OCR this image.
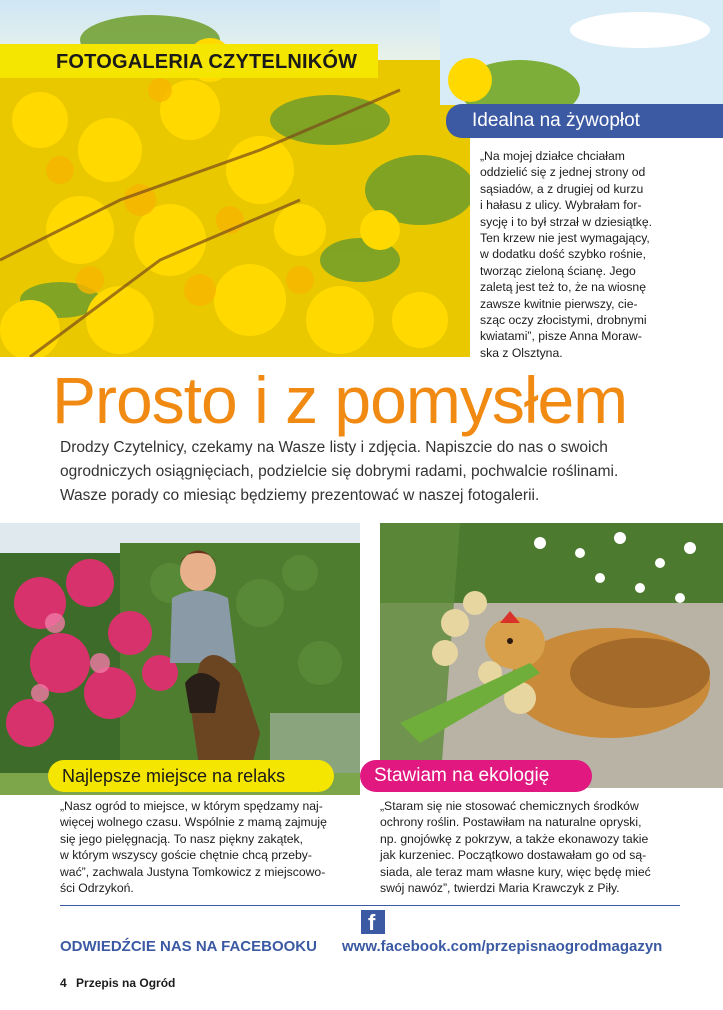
FOTOGALERIA CZYTELNIKÓW
Idealna na żywopłot
„Na mojej działce chciałam
oddzielić się z jednej strony od
sąsiadów, a z drugiej od kurzu
i hałasu z ulicy. Wybrałam for-
sycję i to był strzał w dziesiątkę.
Ten krzew nie jest wymagający,
w dodatku dość szybko rośnie,
tworząc zieloną ścianę. Jego
zaletą jest też to, że na wiosnę
zawsze kwitnie pierwszy, cie-
sząc oczy złocistymi, drobnymi
kwiatami”, pisze Anna Moraw-
ska z Olsztyna.
Prosto i z pomysłem
Drodzy Czytelnicy, czekamy na Wasze listy i zdjęcia. Napiszcie do nas o swoich
ogrodniczych osiągnięciach, podzielcie się dobrymi radami, pochwalcie roślinami.
Wasze porady co miesiąc będziemy prezentować w naszej fotogalerii.
Najlepsze miejsce na relaks	Stawiam na ekologię
„Nasz ogród to miejsce, w którym spędzamy naj-
więcej wolnego czasu. Wspólnie z mamą zajmuję
się jego pielęgnacją. To nasz piękny zakątek,
w którym wszyscy goście chętnie chcą przeby-
wać”, zachwala Justyna Tomkowicz z miejscowo-
ści Odrzykoń.
„Staram się nie stosować chemicznych środków
ochrony roślin. Postawiłam na naturalne opryski,
np. gnojówkę z pokrzyw, a także ekonawozy takie
jak kurzeniec. Początkowo dostawałam go od są-
siada, ale teraz mam własne kury, więc będę mieć
swój nawóz”, twierdzi Maria Krawczyk z Piły.
f
ODWIEDŹCIE NAS NA FACEBOOKU www.facebook.com/przepisnaogrodmagazyn
4 Przepis na Ogród
